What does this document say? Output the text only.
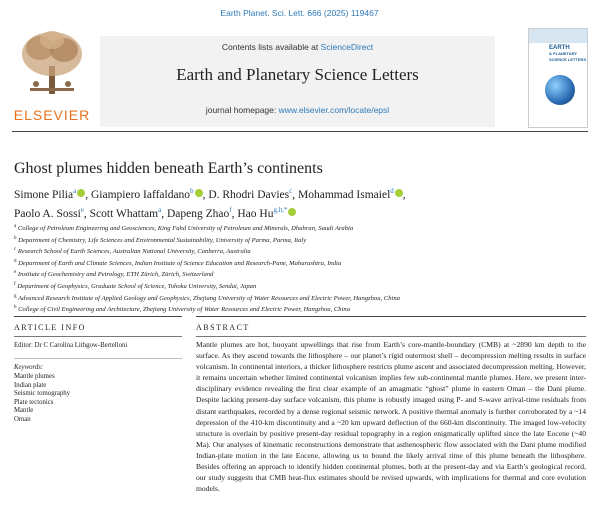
Earth Planet. Sci. Lett. 666 (2025) 119467
ELSEVIER
Contents lists available at ScienceDirect
Earth and Planetary Science Letters
journal homepage: www.elsevier.com/locate/epsl
EARTH
& PLANETARY
SCIENCE LETTERS
Ghost plumes hidden beneath Earth’s continents
Simone Pilia$^a$ , Giampiero Iaffaldano$^b$ , D. Rhodri Davies$^c$, Mohammad Ismaiel$^d$ ,
Paolo A. Sossi$^e$, Scott Whattam$^a$, Dapeng Zhao$^f$, Hao $Hu^{g,h,*}$
$^a$ College of Petroleum Engineering and Geosciences, King Fahd University of Petroleum and Minerals, Dhahran, Saudi Arabia
$^b$ Department of Chemistry, Life Sciences and Environmental Sustainability, University of Parma, Parma, Italy
$^c$ Research School of Earth Sciences, Australian National University, Canberra, Australia
$^d$ Department of Earth and Climate Sciences, Indian Institute of Science Education and Research-Pune, Maharashtra, India
$^e$ Institute of Geochemistry and Petrology, ETH Zürich, Zürich, Switzerland
$^f$ Department of Geophysics, Graduate School of Science, Tohoku University, Sendai, Japan
$^g$ Advanced Research Institute of Applied Geology and Geophysics, Zhejiang University of Water Resources and Electric Power, Hangzhou, China
$^h$ College of Civil Engineering and Architecture, Zhejiang University of Water Resources and Electric Power, Hangzhou, China
ARTICLE INFO	ABSTRACT
Editor: Dr C Carolina Lithgow-Bertelloni
Keywords:
Mantle plumes
Indian plate
Seismic tomography
Plate tectonics
Mantle
Oman

Mantle plumes are hot, buoyant upwellings that rise from Earth’s core-mantle-boundary (CMB) at ~2890 km depth to the surface. As they ascend towards the lithosphere – our planet’s rigid outermost shell – decompression melting results in surface volcanism. In continental interiors, a thicker lithosphere restricts plume ascent and associated decompression melting. However, it remains uncertain whether limited continental volcanism implies few sub-continental mantle plumes. Here, we present inter-disciplinary evidence revealing the first clear example of an amagmatic “ghost” plume in eastern Oman – the Dani plume. Despite lacking present-day surface volcanism, this plume is robustly imaged using P- and S-wave arrival-time residuals from distant earthquakes, recorded by a dense regional seismic network. A positive thermal anomaly is further corroborated by a ~14 depression of the 410-km discontinuity and a ~20 km upward deflection of the 660-km discontinuity. The imaged low-velocity structure is overlain by positive present-day residual topography in a region enigmatically uplifted since the late Eocene (~40 Ma). Our analyses of kinematic reconstructions demonstrate that asthenospheric flow associated with the Dani plume modified Indian-plate motion in the late Eocene, allowing us to bound the likely arrival time of this plume beneath the lithosphere. Besides offering an approach to identify hidden continental plumes, both at the present-day and via Earth’s geological record, our study suggests that CMB heat-flux estimates should be revised upwards, with implications for thermal and core evolution models.
